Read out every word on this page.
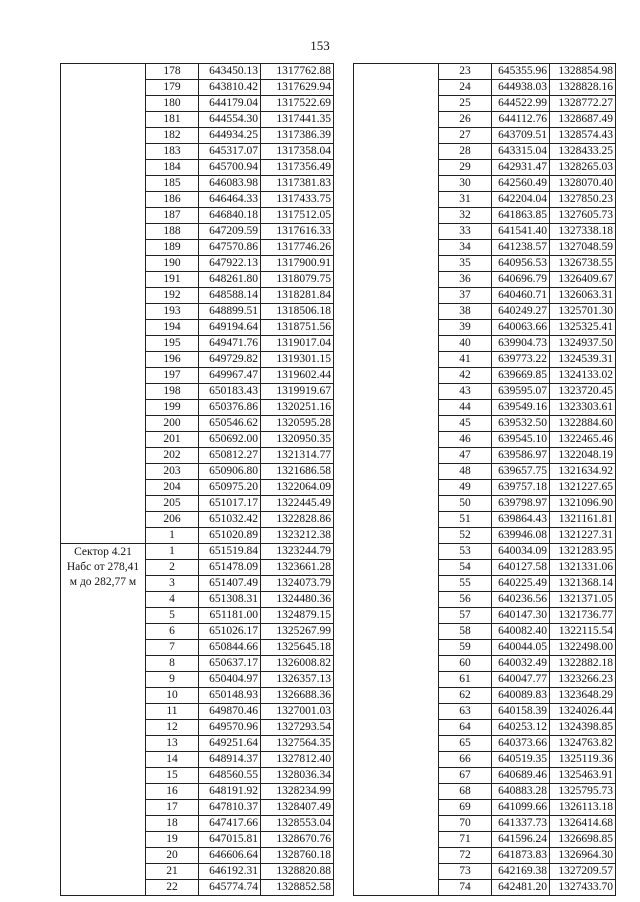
153
	178	643450.13	1317762.88
	179	643810.42	1317629.94
	180	644179.04	1317522.69
	181	644554.30	1317441.35
	182	644934.25	1317386.39
	183	645317.07	1317358.04
	184	645700.94	1317356.49
	185	646083.98	1317381.83
	186	646464.33	1317433.75
	187	646840.18	1317512.05
	188	647209.59	1317616.33
	189	647570.86	1317746.26
	190	647922.13	1317900.91
	191	648261.80	1318079.75
	192	648588.14	1318281.84
	193	648899.51	1318506.18
	194	649194.64	1318751.56
	195	649471.76	1319017.04
	196	649729.82	1319301.15
	197	649967.47	1319602.44
	198	650183.43	1319919.67
	199	650376.86	1320251.16
	200	650546.62	1320595.28
	201	650692.00	1320950.35
	202	650812.27	1321314.77
	203	650906.80	1321686.58
	204	650975.20	1322064.09
	205	651017.17	1322445.49
	206	651032.42	1322828.86
	1	651020.89	1323212.38
Сектор 4.21 Набс от 278,41 м до 282,77 м	1	651519.84	1323244.79
	2	651478.09	1323661.28
	3	651407.49	1324073.79
	4	651308.31	1324480.36
	5	651181.00	1324879.15
	6	651026.17	1325267.99
	7	650844.66	1325645.18
	8	650637.17	1326008.82
	9	650404.97	1326357.13
	10	650148.93	1326688.36
	11	649870.46	1327001.03
	12	649570.96	1327293.54
	13	649251.64	1327564.35
	14	648914.37	1327812.40
	15	648560.55	1328036.34
	16	648191.92	1328234.99
	17	647810.37	1328407.49
	18	647417.66	1328553.04
	19	647015.81	1328670.76
	20	646606.64	1328760.18
	21	646192.31	1328820.88
	22	645774.74	1328852.58
	23	645355.96	1328854.98
	24	644938.03	1328828.16
	25	644522.99	1328772.27
	26	644112.76	1328687.49
	27	643709.51	1328574.43
	28	643315.04	1328433.25
	29	642931.47	1328265.03
	30	642560.49	1328070.40
	31	642204.04	1327850.23
	32	641863.85	1327605.73
	33	641541.40	1327338.18
	34	641238.57	1327048.59
	35	640956.53	1326738.55
	36	640696.79	1326409.67
	37	640460.71	1326063.31
	38	640249.27	1325701.30
	39	640063.66	1325325.41
	40	639904.73	1324937.50
	41	639773.22	1324539.31
	42	639669.85	1324133.02
	43	639595.07	1323720.45
	44	639549.16	1323303.61
	45	639532.50	1322884.60
	46	639545.10	1322465.46
	47	639586.97	1322048.19
	48	639657.75	1321634.92
	49	639757.18	1321227.65
	50	639798.97	1321096.90
	51	639864.43	1321161.81
	52	639946.08	1321227.31
	53	640034.09	1321283.95
	54	640127.58	1321331.06
	55	640225.49	1321368.14
	56	640236.56	1321371.05
	57	640147.30	1321736.77
	58	640082.40	1322115.54
	59	640044.05	1322498.00
	60	640032.49	1322882.18
	61	640047.77	1323266.23
	62	640089.83	1323648.29
	63	640158.39	1324026.44
	64	640253.12	1324398.85
	65	640373.66	1324763.82
	66	640519.35	1325119.36
	67	640689.46	1325463.91
	68	640883.28	1325795.73
	69	641099.66	1326113.18
	70	641337.73	1326414.68
	71	641596.24	1326698.85
	72	641873.83	1326964.30
	73	642169.38	1327209.57
	74	642481.20	1327433.70
